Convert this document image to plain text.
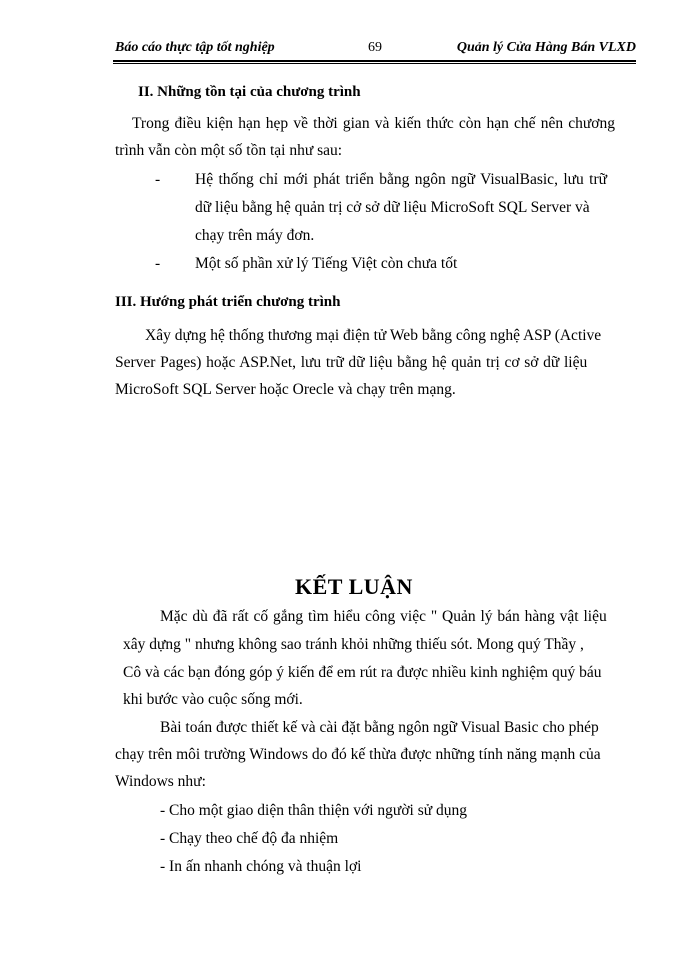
Báo cáo thực tập tốt nghiệp	69	Quản lý Cửa Hàng Bán VLXD
II. Những tồn tại của chương trình
Trong điều kiện hạn hẹp về thời gian và kiến thức còn hạn chế nên chương
trình vẫn còn một số tồn tại như sau:
- Hệ thống chỉ mới phát triển bằng ngôn ngữ VisualBasic, lưu trữ
dữ liệu bằng hệ quản trị cở sở dữ liệu MicroSoft SQL Server và
chạy trên máy đơn.
- Một số phần xử lý Tiếng Việt còn chưa tốt
III. Hướng phát triển chương trình
Xây dựng hệ thống thương mại điện tử Web bằng công nghệ ASP (Active
Server Pages) hoặc ASP.Net, lưu trữ dữ liệu bằng hệ quản trị cơ sở dữ liệu
MicroSoft SQL Server hoặc Orecle và chạy trên mạng.
KẾT LUẬN
Mặc dù đã rất cố gắng tìm hiểu công việc " Quản lý bán hàng vật liệu
xây dựng " nhưng không sao tránh khỏi những thiếu sót. Mong quý Thầy ,
Cô và các bạn đóng góp ý kiến để em rút ra được nhiều kinh nghiệm quý báu
khi bước vào cuộc sống mới.
Bài toán được thiết kế và cài đặt bằng ngôn ngữ Visual Basic cho phép
chạy trên môi trường Windows do đó kế thừa được những tính năng mạnh của
Windows như:
- Cho một giao diện thân thiện với người sử dụng
- Chạy theo chế độ đa nhiệm
- In ấn nhanh chóng và thuận lợi
